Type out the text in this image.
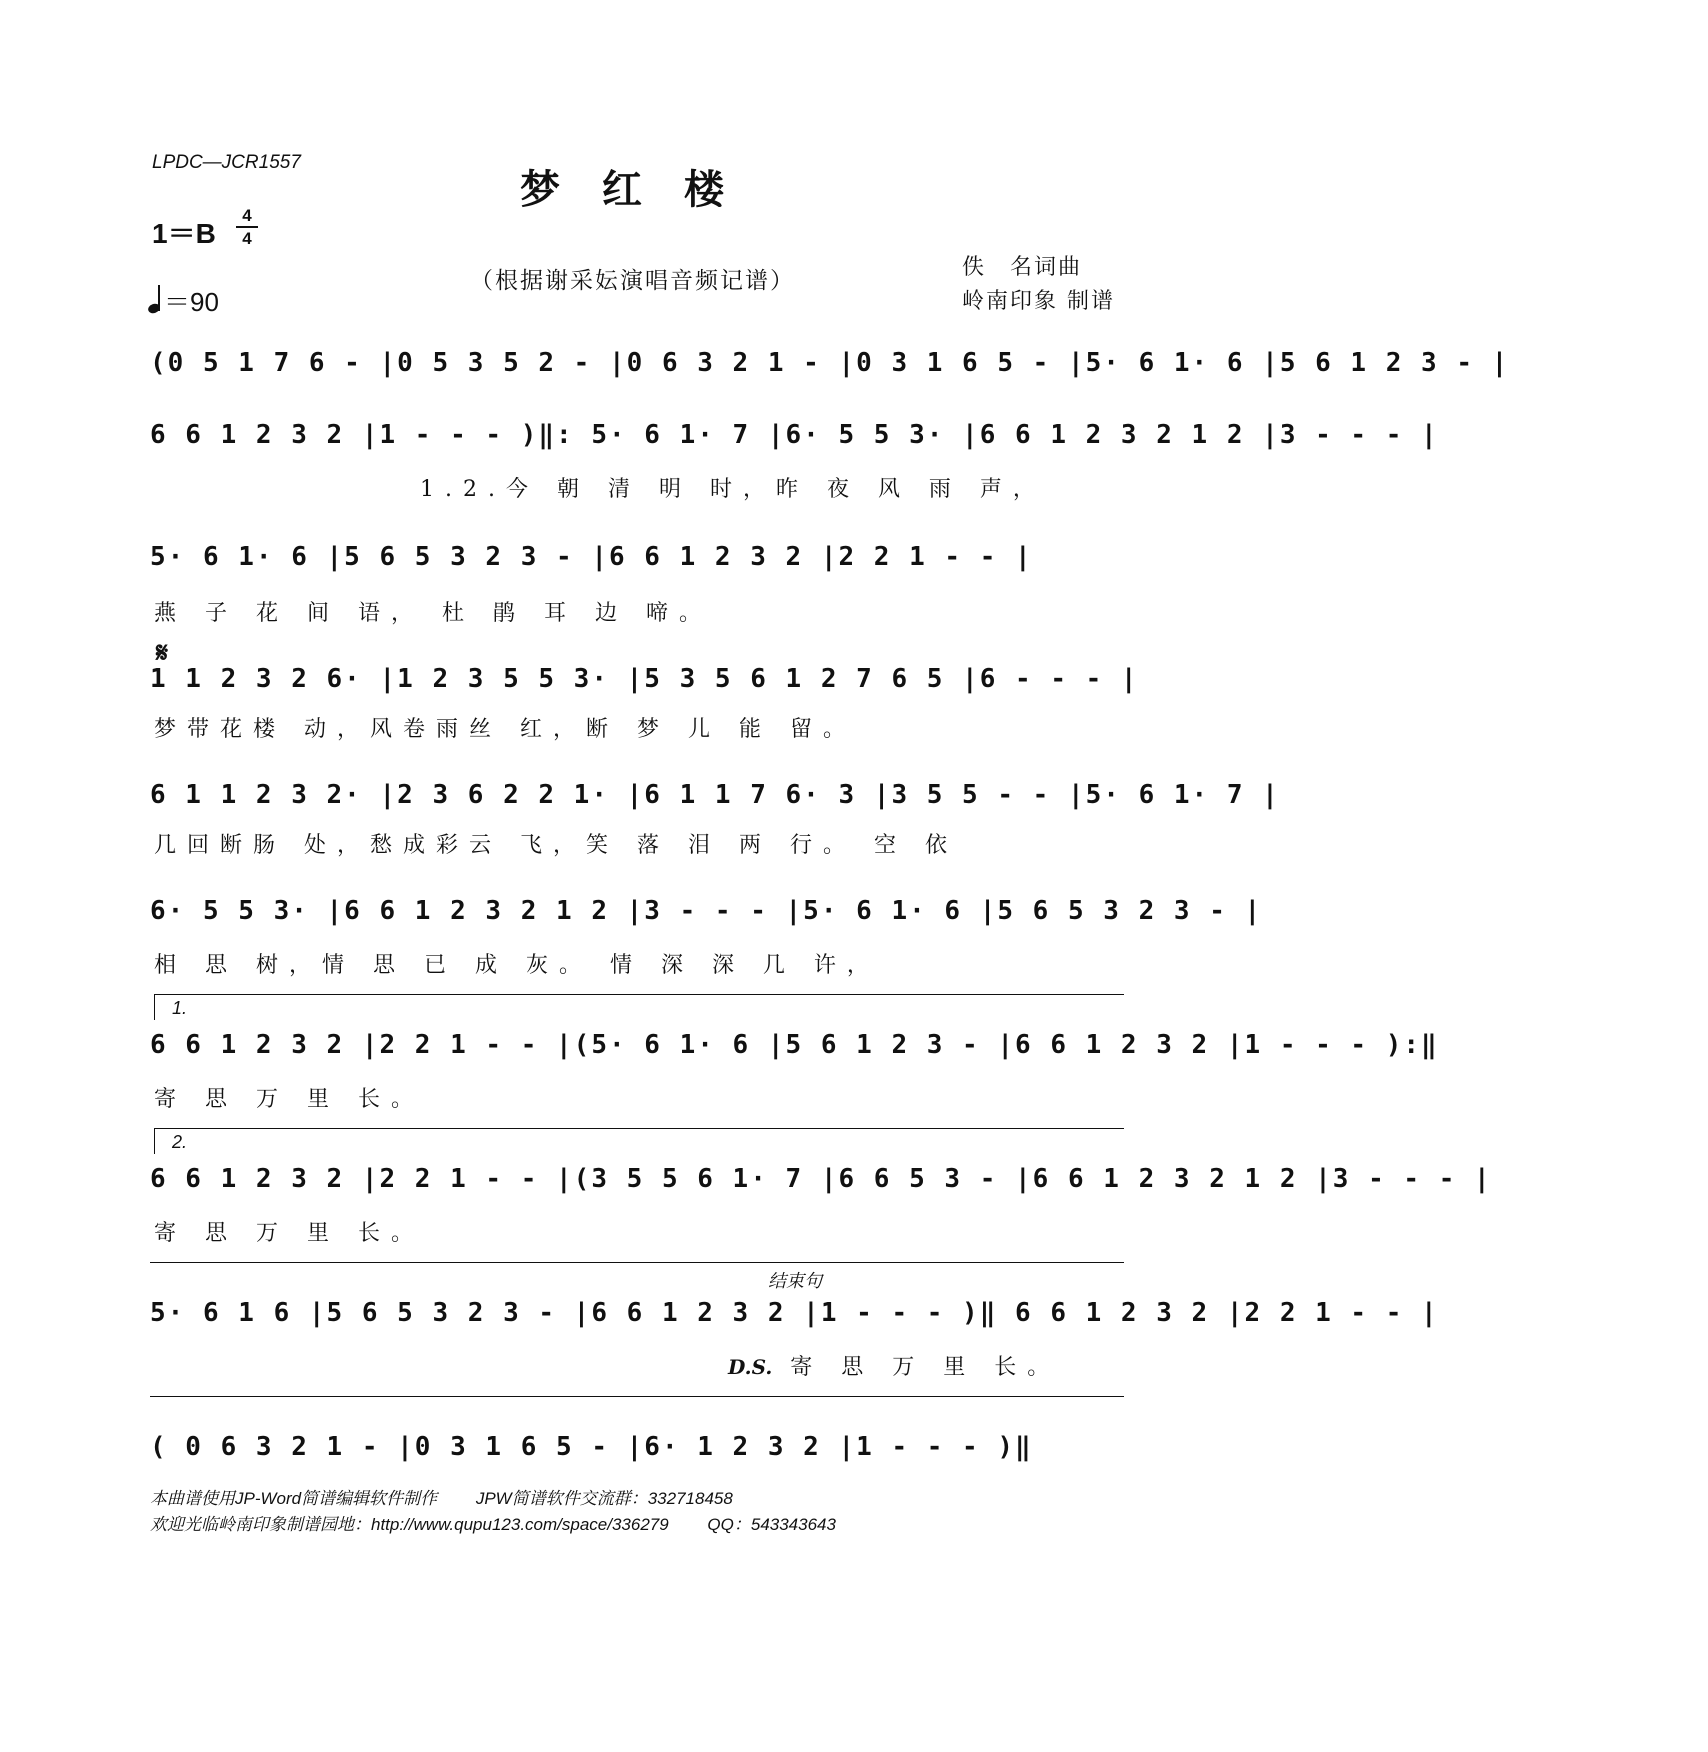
LPDC—JCR1557
梦红楼
1＝B
4
4
＝90
（根据谢采妘演唱音频记谱）
佚　名词曲
岭南印象 制谱
(0 5 1 7 6 - |0 5 3 5 2 - |0 6 3 2 1 - |0 3 1 6 5 - |5· 6 1· 6 |5 6 1 2 3 - |
6 6 1 2 3 2 |1 - - - )‖: 5· 6 1· 7 |6· 5 5 3· |6 6 1 2 3 2 1 2 |3 - - - |
1.2.今 朝 清 明 时，昨 夜 风 雨 声，
5· 6 1· 6 |5 6 5 3 2 3 - |6 6 1 2 3 2 |2 2 1 - - |
燕 子 花 间 语， 杜 鹃 耳 边 啼。
𝄋
1 1 2 3 2 6· |1 2 3 5 5 3· |5 3 5 6 1 2 7 6 5 |6 - - - |
梦带花楼 动，风卷雨丝 红，断 梦 儿 能 留。
6 1 1 2 3 2· |2 3 6 2 2 1· |6 1 1 7 6· 3 |3 5 5 - - |5· 6 1· 7 |
几回断肠 处，愁成彩云 飞，笑 落 泪 两 行。 空 依
6· 5 5 3· |6 6 1 2 3 2 1 2 |3 - - - |5· 6 1· 6 |5 6 5 3 2 3 - |
相 思 树，情 思 已 成 灰。 情 深 深 几 许，
1.
6 6 1 2 3 2 |2 2 1 - - |(5· 6 1· 6 |5 6 1 2 3 - |6 6 1 2 3 2 |1 - - - ):‖
寄 思 万 里 长。
2.
6 6 1 2 3 2 |2 2 1 - - |(3 5 5 6 1· 7 |6 6 5 3 - |6 6 1 2 3 2 1 2 |3 - - - |
寄 思 万 里 长。
结束句
5· 6 1 6 |5 6 5 3 2 3 - |6 6 1 2 3 2 |1 - - - )‖ 6 6 1 2 3 2 |2 2 1 - - |
D.S. 寄 思 万 里 长。
( 0 6 3 2 1 - |0 3 1 6 5 - |6· 1 2 3 2 |1 - - - )‖
本曲谱使用JP-Word简谱编辑软件制作　　 JPW简谱软件交流群：332718458
欢迎光临岭南印象制谱园地：http://www.qupu123.com/space/336279　　 QQ：543343643
